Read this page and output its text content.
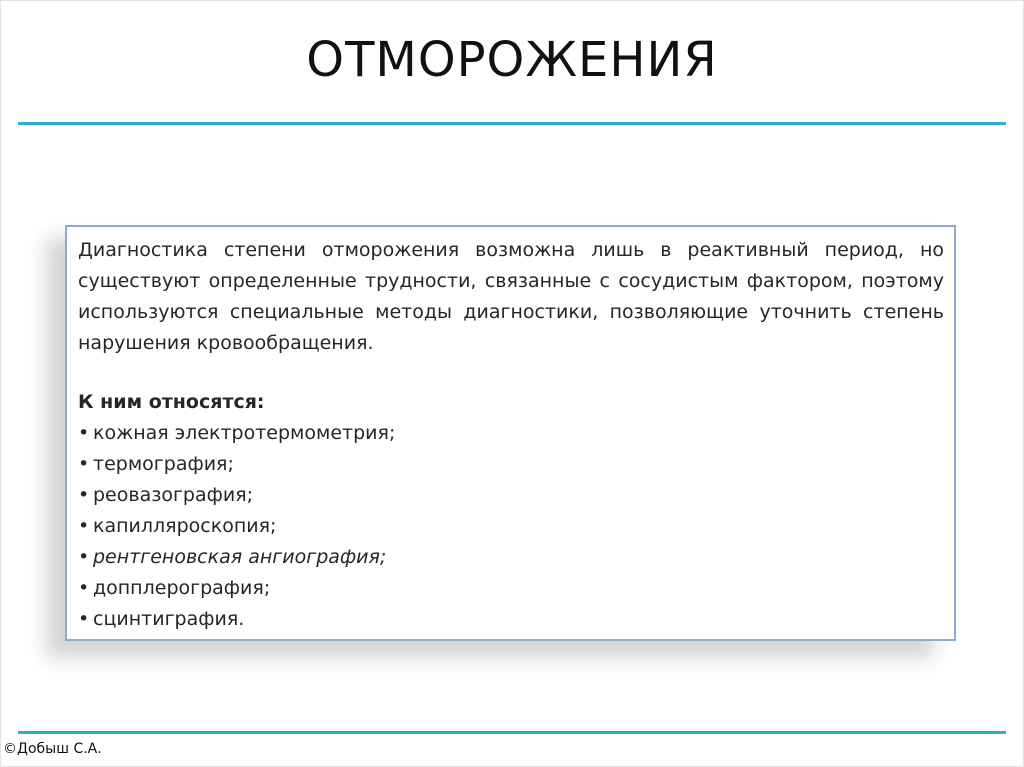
ОТМОРОЖЕНИЯ

Диагностика степени отморожения возможна лишь в реактивный период, но существуют определенные трудности, связанные с сосудистым фактором, поэтому используются специальные методы диагностики, позволяющие уточнить степень нарушения кровообращения.

К ним относятся:
• кожная электротермометрия;
• термография;
• реовазография;
• капилляроскопия;
• рентгеновская ангиография;
• допплерография;
• сцинтиграфия.
©Добыш С.А.
